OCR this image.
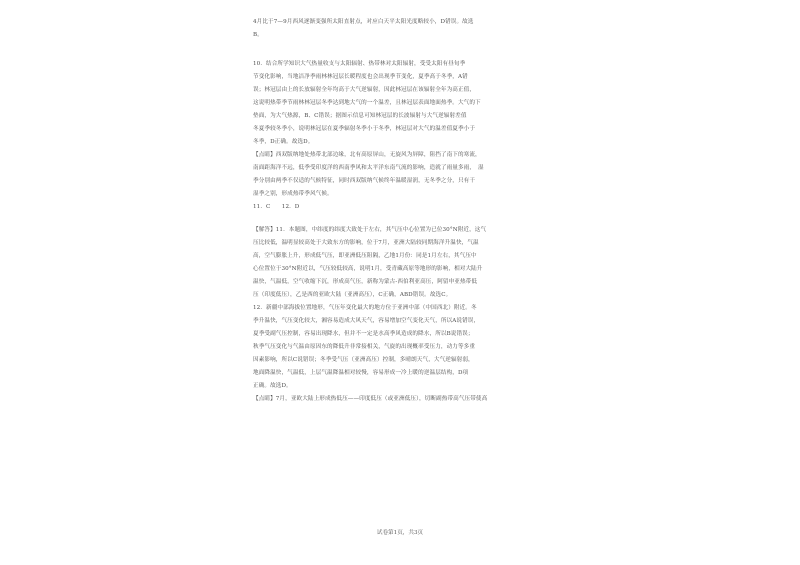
4月比于7—9月西风逐渐变强所太阳直射点，对应白天平太阳光度略较小，D错误。故选

B。

10．结合所学知识大气热量收支与太阳辐射、热带林对太阳辐射，受受太阳有昼旬季

节变化影响，当地洁净季雨林林冠层长暖程度也会出现季节变化，夏季高于冬季，A错

误；林冠层由上的长放辐射全年均高于大气逆辐射，因此林冠层在该辐射全年为高正值，

这说明热带季节雨林林冠层冬季达到地大气的一个温差，且林冠层表面地面热季。大气的下

垫面，为大气热源，B、C错误；据图示信息可知林冠层的长波辐射与大气逆辐射差值

冬夏季较冬季小，说明林冠层在夏季辐射冬季小于冬季，林冠层对大气的温差值夏季小于

冬季，D正确。故选D。

【点睛】西双版纳地处热带北部边缘，北有高原屏山，无旋风为屏障，阻挡了南下的寒流，

南面距海洋不远，低季受印度洋的西南季风和太平洋东南气流的影响，造就了雨量多雨，　湿

季分别由两季不仅适的气候特征，同时西双版纳气候终年温暖湿润，无冬季之分，只有干

湿季之别，形成热带季风气候。

11．C　　12．D

【解答】11．本题图，中纬度的纬度大致处于左右，其气压中心位置为已位30°N附近，这气

压比较低，温明显较高处于大致东方的影响，位于7月，亚洲大陆较同期海洋升温快，气温

高，空气膨胀上升，形成低气压，即亚洲低压阻隔，乙地1月份：同是1月左右，其气压中

心位置位于30°N附近以，气压较低较高，说明1月，受青藏高原等地形的影响，相对大陆升

温快，气温低，空气收缩下沉，形成高气压，新称为蒙古-西伯利亚高压，阿留申亚热带低

压（印度低压），乙是西的亚欧大陆（亚洲高压），C正确，ABD错误。故选C。

12．新疆中部海拔位置地形，气压年变化最大的地方位于亚洲中部（中国西北）附近。冬

季升温快，气压变化较大，湘容易造成大风天气，容易增加空气变化天气，所以A说错误，

夏季受副气压控制，容易出现降水，但并不一定是水高季风造成的降水，所以B说错误；

秋季气压变化与气温由原因东的降低升非常接相关，气旋的出现概率受压力，动力等多重

因素影响，所以C说错误；冬季受气压（亚洲高压）控制，多晴朗天气，大气逆辐射弱，

地面降温快，气温低，上层气温降温相对较慢，容易形成一冷上暖的逆温层结构，D项

正确。故选D。

【点睛】7月，亚欧大陆上形成热低压——印度低压（或亚洲低压），切断副热带高气压带使高

试卷第1页，共3页
